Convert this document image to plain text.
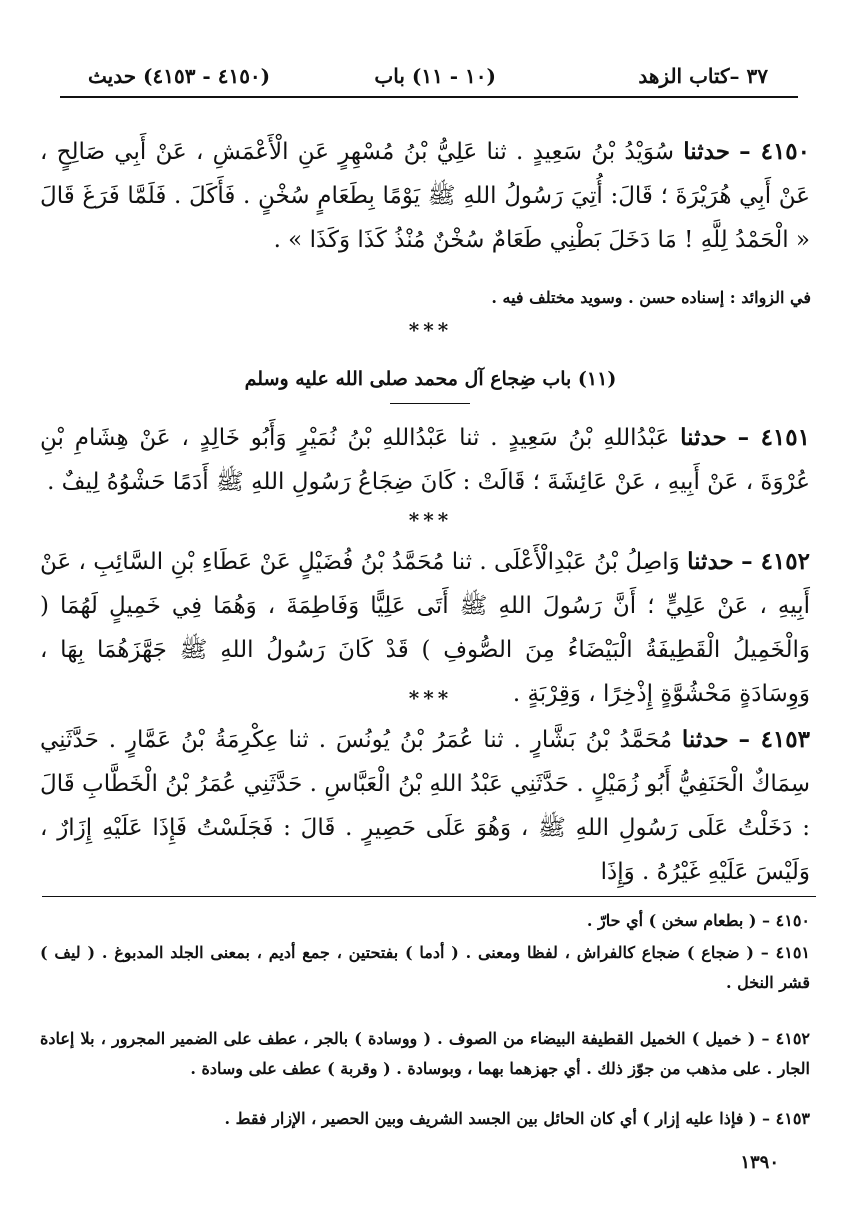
٣٧ –كتاب الزهد
(١٠ - ١١) باب
(٤١٥٠ - ٤١٥٣) حديث
٤١٥٠ – حدثنا سُوَيْدُ بْنُ سَعِيدٍ . ثنا عَلِيُّ بْنُ مُسْهِرٍ عَنِ الْأَعْمَشِ ، عَنْ أَبِي صَالِحٍ ، عَنْ أَبِي هُرَيْرَةَ ؛ قَالَ: أُتِيَ رَسُولُ اللهِ ﷺ يَوْمًا بِطَعَامٍ سُخْنٍ . فَأَكَلَ . فَلَمَّا فَرَغَ قَالَ « الْحَمْدُ لِلَّهِ ! مَا دَخَلَ بَطْنِي طَعَامٌ سُخْنٌ مُنْذُ كَذَا وَكَذَا » .
في الزوائد : إسناده حسن . وسويد مختلف فيه .
***
(١١) باب ضِجاع آل محمد صلى الله عليه وسلم
٤١٥١ – حدثنا عَبْدُاللهِ بْنُ سَعِيدٍ . ثنا عَبْدُاللهِ بْنُ نُمَيْرٍ وَأَبُو خَالِدٍ ، عَنْ هِشَامِ بْنِ عُرْوَةَ ، عَنْ أَبِيهِ ، عَنْ عَائِشَةَ ؛ قَالَتْ : كَانَ ضِجَاعُ رَسُولِ اللهِ ﷺ أَدَمًا حَشْوُهُ لِيفٌ .
***
٤١٥٢ – حدثنا وَاصِلُ بْنُ عَبْدِالْأَعْلَى . ثنا مُحَمَّدُ بْنُ فُضَيْلٍ عَنْ عَطَاءِ بْنِ السَّائِبِ ، عَنْ أَبِيهِ ، عَنْ عَلِيٍّ ؛ أَنَّ رَسُولَ اللهِ ﷺ أَتَى عَلِيًّا وَفَاطِمَةَ ، وَهُمَا فِي خَمِيلٍ لَهُمَا ( وَالْخَمِيلُ الْقَطِيفَةُ الْبَيْضَاءُ مِنَ الصُّوفِ ) قَدْ كَانَ رَسُولُ اللهِ ﷺ جَهَّزَهُمَا بِهَا ، وَوِسَادَةٍ مَحْشُوَّةٍ إِذْخِرًا ، وَقِرْبَةٍ .
***
٤١٥٣ – حدثنا مُحَمَّدُ بْنُ بَشَّارٍ . ثنا عُمَرُ بْنُ يُونُسَ . ثنا عِكْرِمَةُ بْنُ عَمَّارٍ . حَدَّثَنِي سِمَاكٌ الْحَنَفِيُّ أَبُو زُمَيْلٍ . حَدَّثَنِي عَبْدُ اللهِ بْنُ الْعَبَّاسِ . حَدَّثَنِي عُمَرُ بْنُ الْخَطَّابِ قَالَ : دَخَلْتُ عَلَى رَسُولِ اللهِ ﷺ ، وَهُوَ عَلَى حَصِيرٍ . قَالَ : فَجَلَسْتُ فَإِذَا عَلَيْهِ إِزَارٌ ، وَلَيْسَ عَلَيْهِ غَيْرُهُ . وَإِذَا
٤١٥٠ – ( بطعام سخن ) أي حارّ .
٤١٥١ – ( ضجاع ) ضجاع كالفراش ، لفظا ومعنى . ( أدما ) بفتحتين ، جمع أديم ، بمعنى الجلد المدبوغ . ( ليف ) قشر النخل .
٤١٥٢ – ( خميل ) الخميل القطيفة البيضاء من الصوف . ( ووسادة ) بالجر ، عطف على الضمير المجرور ، بلا إعادة الجار . على مذهب من جوّز ذلك . أي جهزهما بهما ، وبوسادة . ( وقربة ) عطف على وسادة .
٤١٥٣ – ( فإذا عليه إزار ) أي كان الحائل بين الجسد الشريف وبين الحصير ، الإزار فقط .
١٣٩٠
